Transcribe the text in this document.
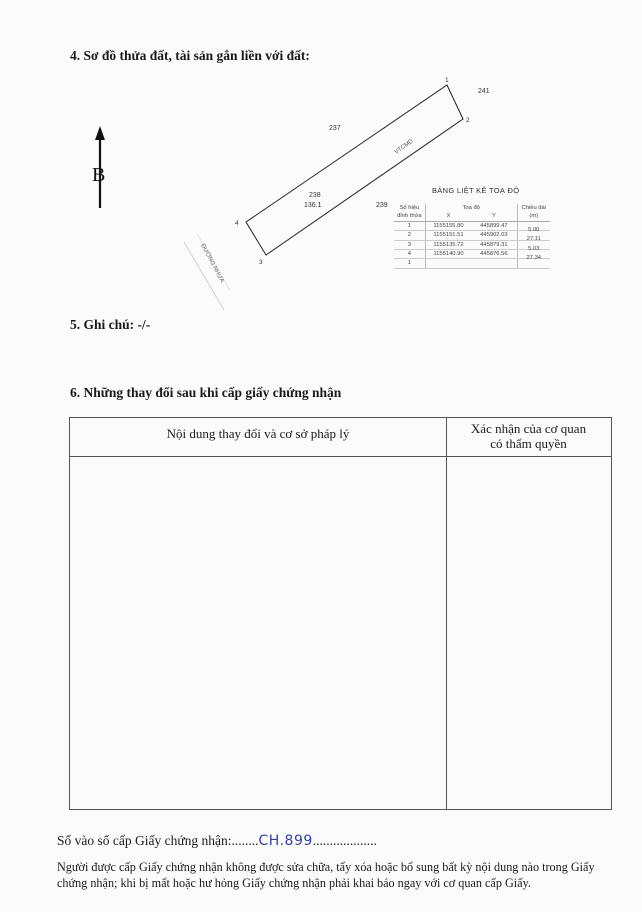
4. Sơ đồ thửa đất, tài sản gắn liền với đất:
B
1
2
3
4
237
241
239
238
136.1
VTCMD
ĐƯỜNG NHỰA
BẢNG LIỆT KÊ TOẠ ĐỘ
Số hiệu	Toạ độ		Chiều dài
đỉnh thửa	X	Y	(m)
1	1155155.80	445899.47	5.00
2	1155151.51	445902.03	27.11
3	1155135.72	445879.31	5.03
4	1155140.90	445876.56	27.34
1			
5. Ghi chú: -/-
6. Những thay đổi sau khi cấp giấy chứng nhận
Nội dung thay đổi và cơ sở pháp lý	Xác nhận của cơ quan
có thẩm quyền
Số vào sổ cấp Giấy chứng nhận:........CH.899...................
Người được cấp Giấy chứng nhận không được sửa chữa, tẩy xóa hoặc bổ sung bất kỳ nội dung nào trong Giấy chứng nhận; khi bị mất hoặc hư hỏng Giấy chứng nhận phải khai báo ngay với cơ quan cấp Giấy.
